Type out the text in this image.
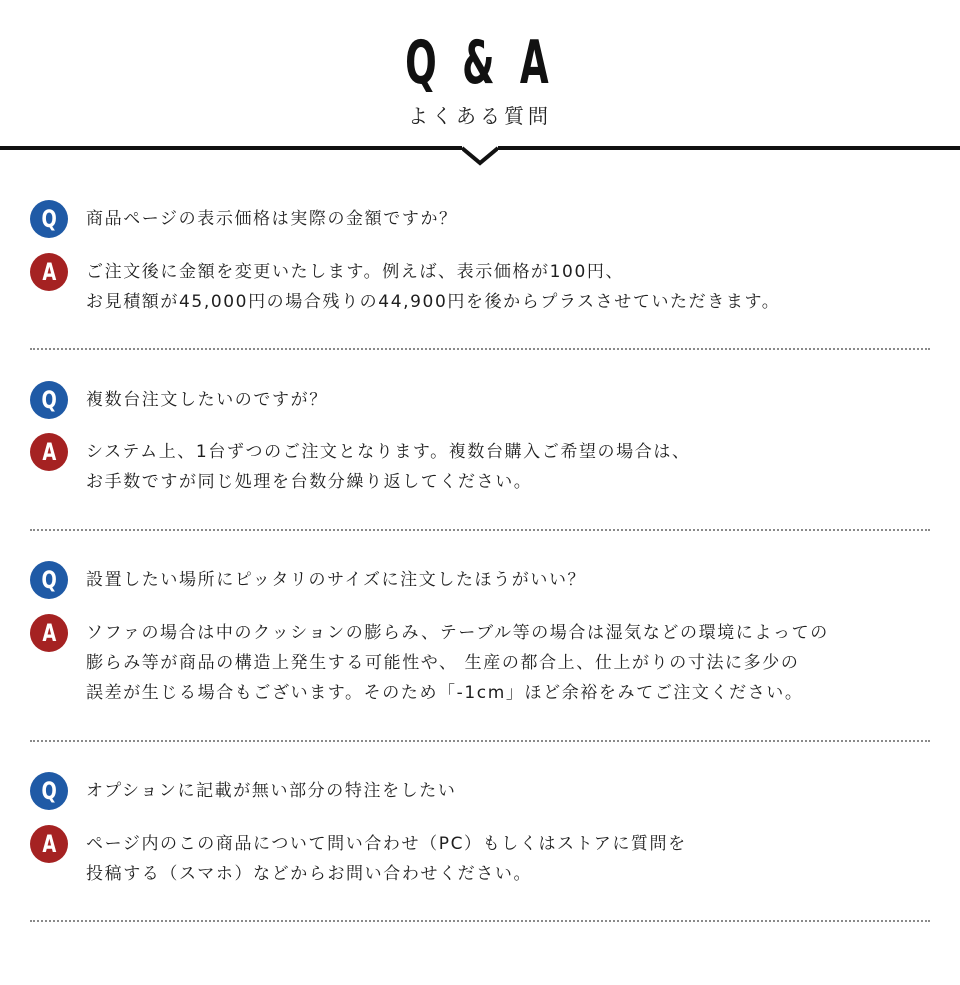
Q & A
よくある質問
Q 商品ページの表示価格は実際の金額ですか？
A ご注文後に金額を変更いたします。例えば、表示価格が100円、
お見積額が45,000円の場合残りの44,900円を後からプラスさせていただきます。
Q 複数台注文したいのですが？
A システム上、1台ずつのご注文となります。複数台購入ご希望の場合は、
お手数ですが同じ処理を台数分繰り返してください。
Q 設置したい場所にピッタリのサイズに注文したほうがいい？
A ソファの場合は中のクッションの膨らみ、テーブル等の場合は湿気などの環境によっての
膨らみ等が商品の構造上発生する可能性や、 生産の都合上、仕上がりの寸法に多少の
誤差が生じる場合もございます。そのため「-1cm」ほど余裕をみてご注文ください。
Q オプションに記載が無い部分の特注をしたい
A ページ内のこの商品について問い合わせ（PC）もしくはストアに質問を
投稿する（スマホ）などからお問い合わせください。
